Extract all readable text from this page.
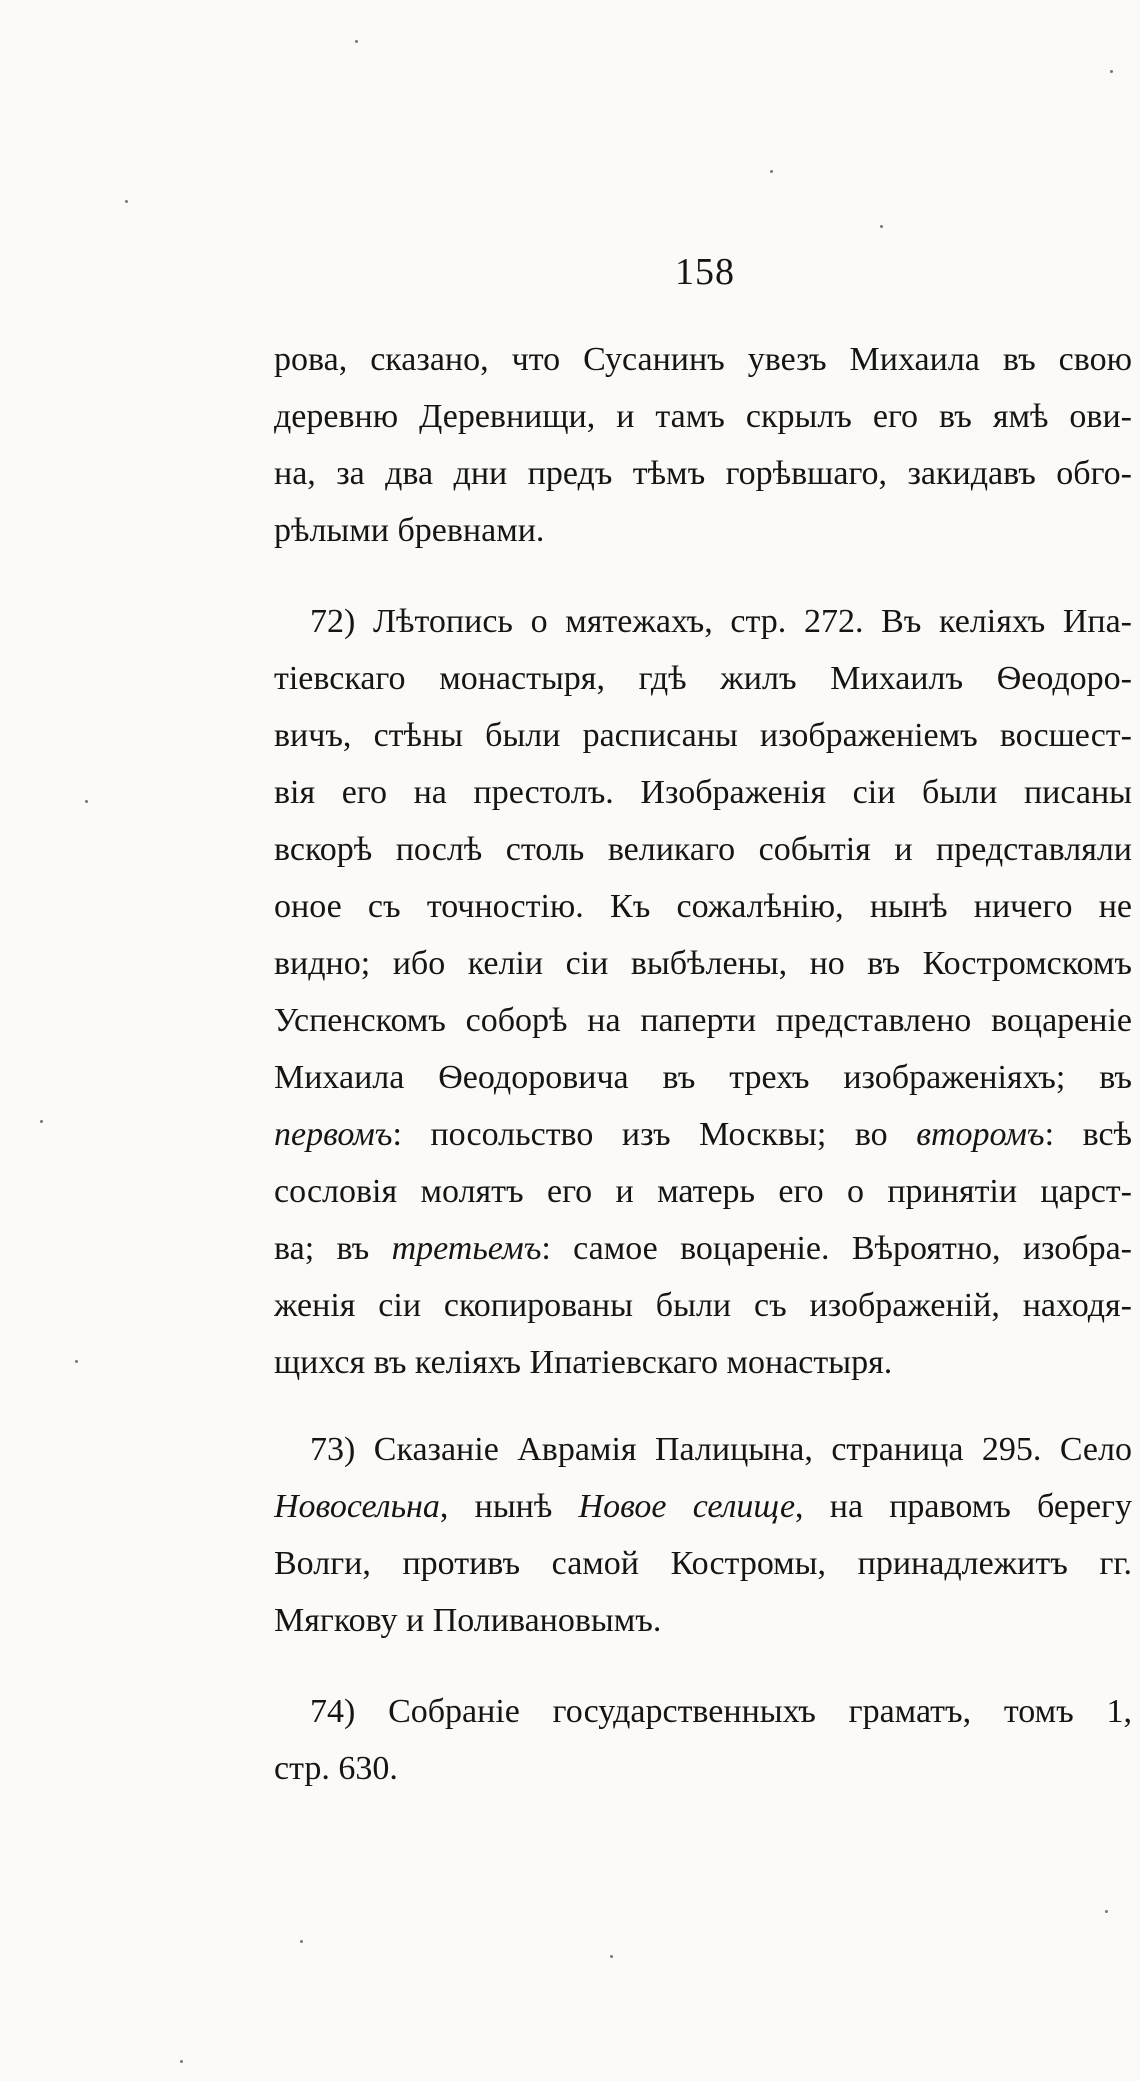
158
рова, сказано, что Сусанинъ увезъ Михаила въ свою
деревню Деревнищи, и тамъ скрылъ его въ ямѣ ови-
на, за два дни предъ тѣмъ горѣвшаго, закидавъ обго-
рѣлыми бревнами.
72) Лѣтопись о мятежахъ, стр. 272. Въ келіяхъ Ипа-
тіевскаго монастыря, гдѣ жилъ Михаилъ Ѳеодоро-
вичъ, стѣны были расписаны изображеніемъ восшест-
вія его на престолъ. Изображенія сіи были писаны
вскорѣ послѣ столь великаго событія и представляли
оное съ точностію. Къ сожалѣнію, нынѣ ничего не
видно; ибо келіи сіи выбѣлены, но въ Костромскомъ
Успенскомъ соборѣ на паперти представлено воцареніе
Михаила Ѳеодоровича въ трехъ изображеніяхъ; въ
первомъ: посольство изъ Москвы; во второмъ: всѣ
сословія молятъ его и матерь его о принятіи царст-
ва; въ третьемъ: самое воцареніе. Вѣроятно, изобра-
женія сіи скопированы были съ изображеній, находя-
щихся въ келіяхъ Ипатіевскаго монастыря.
73) Сказаніе Аврамія Палицына, страница 295. Село
Новосельна, нынѣ Новое селище, на правомъ берегу
Волги, противъ самой Костромы, принадлежитъ гг.
Мягкову и Поливановымъ.
74) Собраніе государственныхъ граматъ, томъ 1,
стр. 630.
